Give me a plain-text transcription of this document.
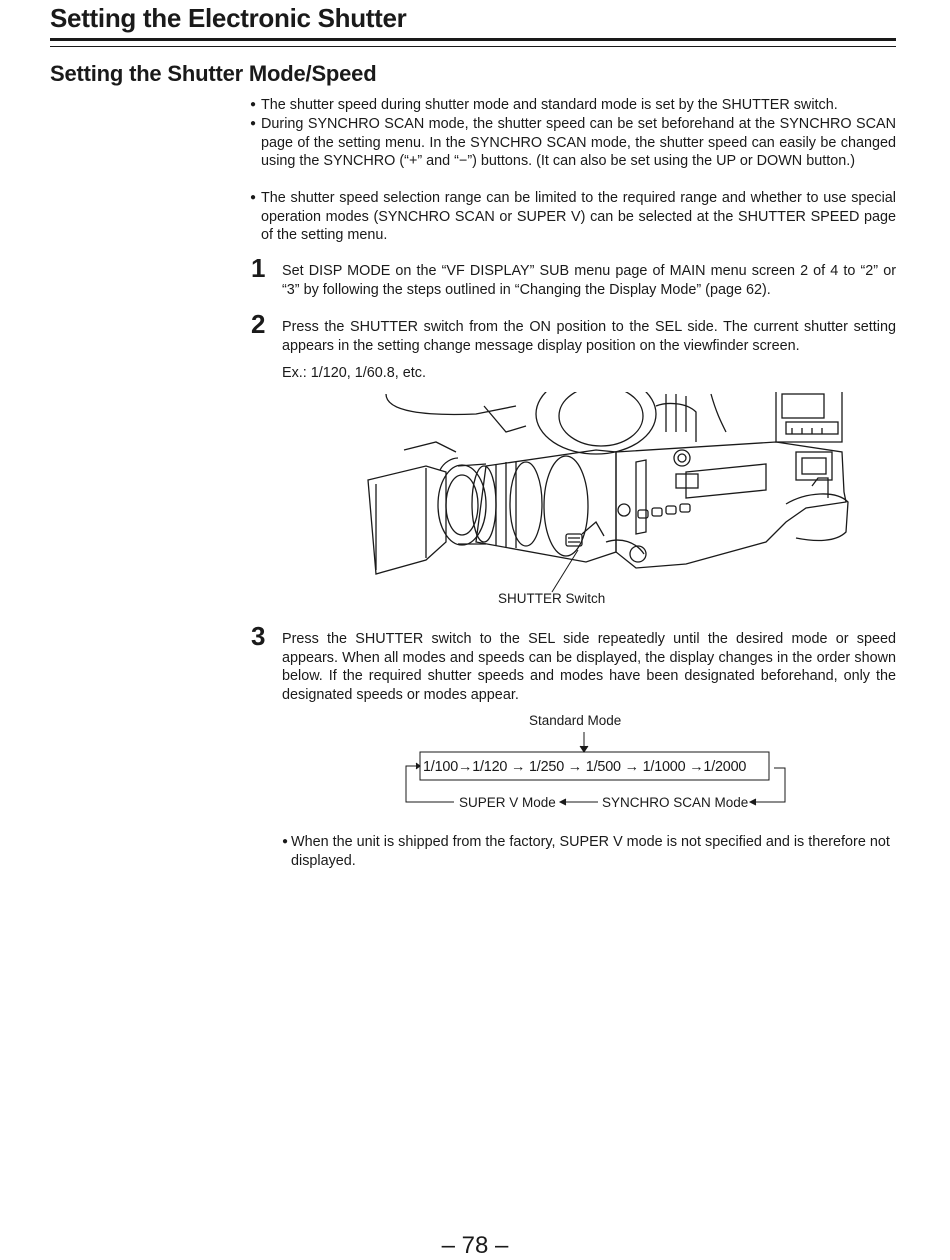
Setting the Electronic Shutter
Setting the Shutter Mode/Speed
● The shutter speed during shutter mode and standard mode is set by the SHUTTER switch.
● During SYNCHRO SCAN mode, the shutter speed can be set beforehand at the SYNCHRO SCAN page of the setting menu. In the SYNCHRO SCAN mode, the shutter speed can easily be changed using the SYNCHRO (“+” and “−”) buttons. (It can also be set using the UP or DOWN button.)
● The shutter speed selection range can be limited to the required range and whether to use special operation modes (SYNCHRO SCAN or SUPER V) can be selected at the SHUTTER SPEED page of the setting menu.
1 Set DISP MODE on the “VF DISPLAY” SUB menu page of MAIN menu screen 2 of 4 to “2” or “3” by following the steps outlined in “Changing the Display Mode” (page 62).
2 Press the SHUTTER switch from the ON position to the SEL side. The current shutter setting appears in the setting change message display position on the viewfinder screen.
Ex.: 1/120, 1/60.8, etc.
SHUTTER Switch
3 Press the SHUTTER switch to the SEL side repeatedly until the desired mode or speed appears. When all modes and speeds can be displayed, the display changes in the order shown below. If the required shutter speeds and modes have been designated beforehand, only the designated speeds or modes appear.
Standard Mode
1/100→1/120 → 1/250 → 1/500 → 1/1000 →1/2000
SUPER V Mode	SYNCHRO SCAN Mode
● When the unit is shipped from the factory, SUPER V mode is not specified and is therefore not displayed.
– 78 –
